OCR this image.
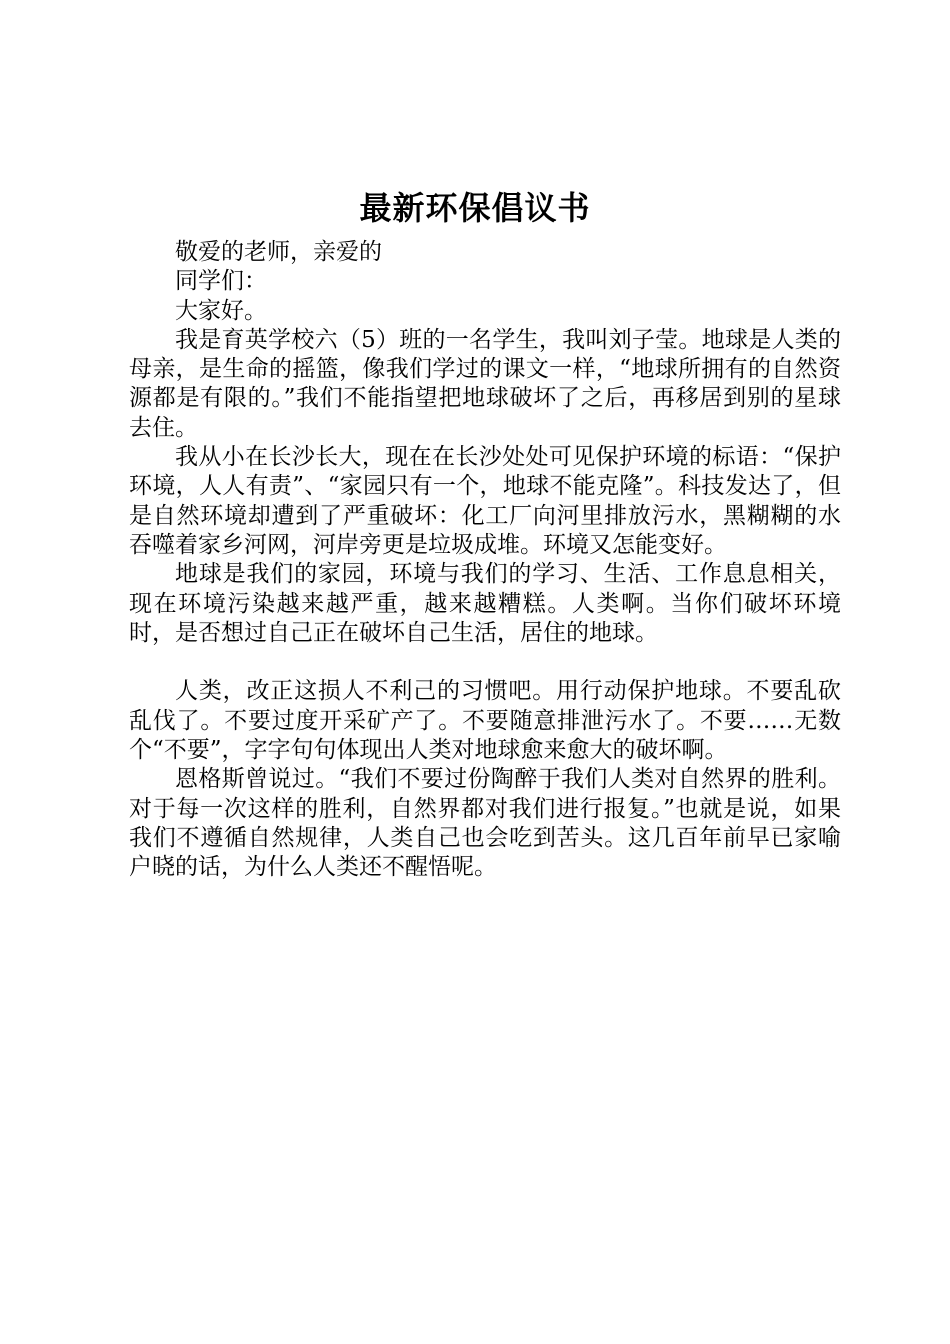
最新环保倡议书

敬爱的老师，亲爱的

同学们：

大家好。

我是育英学校六（5）班的一名学生，我叫刘子莹。地球是人类的母亲，是生命的摇篮，像我们学过的课文一样，“地球所拥有的自然资源都是有限的。”我们不能指望把地球破坏了之后，再移居到别的星球去住。

我从小在长沙长大，现在在长沙处处可见保护环境的标语：“保护环境，人人有责”、“家园只有一个，地球不能克隆”。科技发达了，但是自然环境却遭到了严重破坏：化工厂向河里排放污水，黑糊糊的水吞噬着家乡河网，河岸旁更是垃圾成堆。环境又怎能变好。

地球是我们的家园，环境与我们的学习、生活、工作息息相关，现在环境污染越来越严重，越来越糟糕。人类啊。当你们破坏环境时，是否想过自己正在破坏自己生活，居住的地球。

人类，改正这损人不利己的习惯吧。用行动保护地球。不要乱砍乱伐了。不要过度开采矿产了。不要随意排泄污水了。不要……无数个“不要”，字字句句体现出人类对地球愈来愈大的破坏啊。

恩格斯曾说过。“我们不要过份陶醉于我们人类对自然界的胜利。对于每一次这样的胜利，自然界都对我们进行报复。”也就是说，如果我们不遵循自然规律，人类自己也会吃到苦头。这几百年前早已家喻户晓的话，为什么人类还不醒悟呢。
